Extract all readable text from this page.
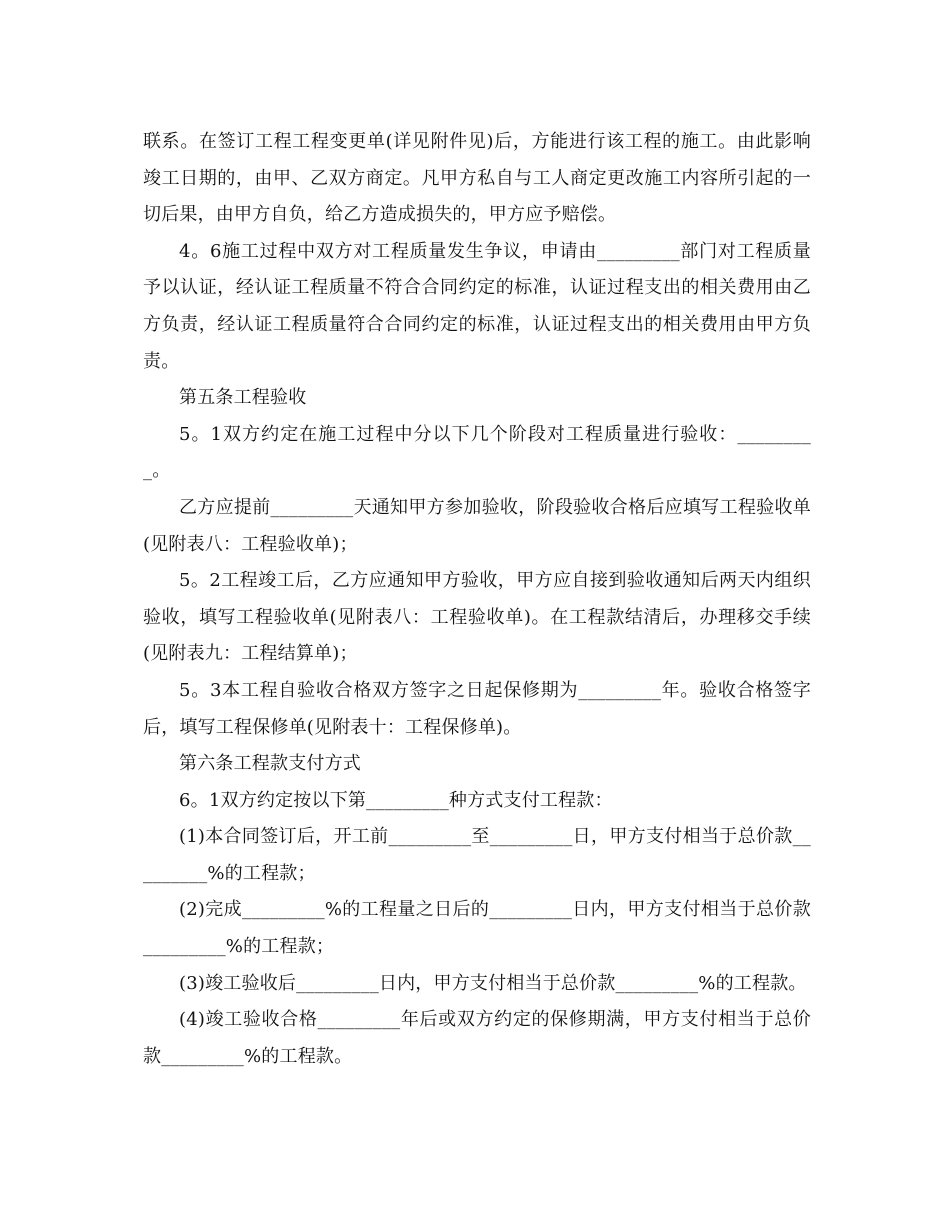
联系。在签订工程工程变更单(详见附件见)后，方能进行该工程的施工。由此影响竣工日期的，由甲、乙双方商定。凡甲方私自与工人商定更改施工内容所引起的一切后果，由甲方自负，给乙方造成损失的，甲方应予赔偿。

4。6施工过程中双方对工程质量发生争议，申请由_________部门对工程质量予以认证，经认证工程质量不符合合同约定的标准，认证过程支出的相关费用由乙方负责，经认证工程质量符合合同约定的标准，认证过程支出的相关费用由甲方负责。

第五条工程验收

5。1双方约定在施工过程中分以下几个阶段对工程质量进行验收：_________。

乙方应提前_________天通知甲方参加验收，阶段验收合格后应填写工程验收单(见附表八：工程验收单)；

5。2工程竣工后，乙方应通知甲方验收，甲方应自接到验收通知后两天内组织验收，填写工程验收单(见附表八：工程验收单)。在工程款结清后，办理移交手续(见附表九：工程结算单)；

5。3本工程自验收合格双方签字之日起保修期为_________年。验收合格签字后，填写工程保修单(见附表十：工程保修单)。

第六条工程款支付方式

6。1双方约定按以下第_________种方式支付工程款：

(1)本合同签订后，开工前_________至_________日，甲方支付相当于总价款_________%的工程款；

(2)完成_________%的工程量之日后的_________日内，甲方支付相当于总价款_________%的工程款；

(3)竣工验收后_________日内，甲方支付相当于总价款_________%的工程款。

(4)竣工验收合格_________年后或双方约定的保修期满，甲方支付相当于总价款_________%的工程款。
